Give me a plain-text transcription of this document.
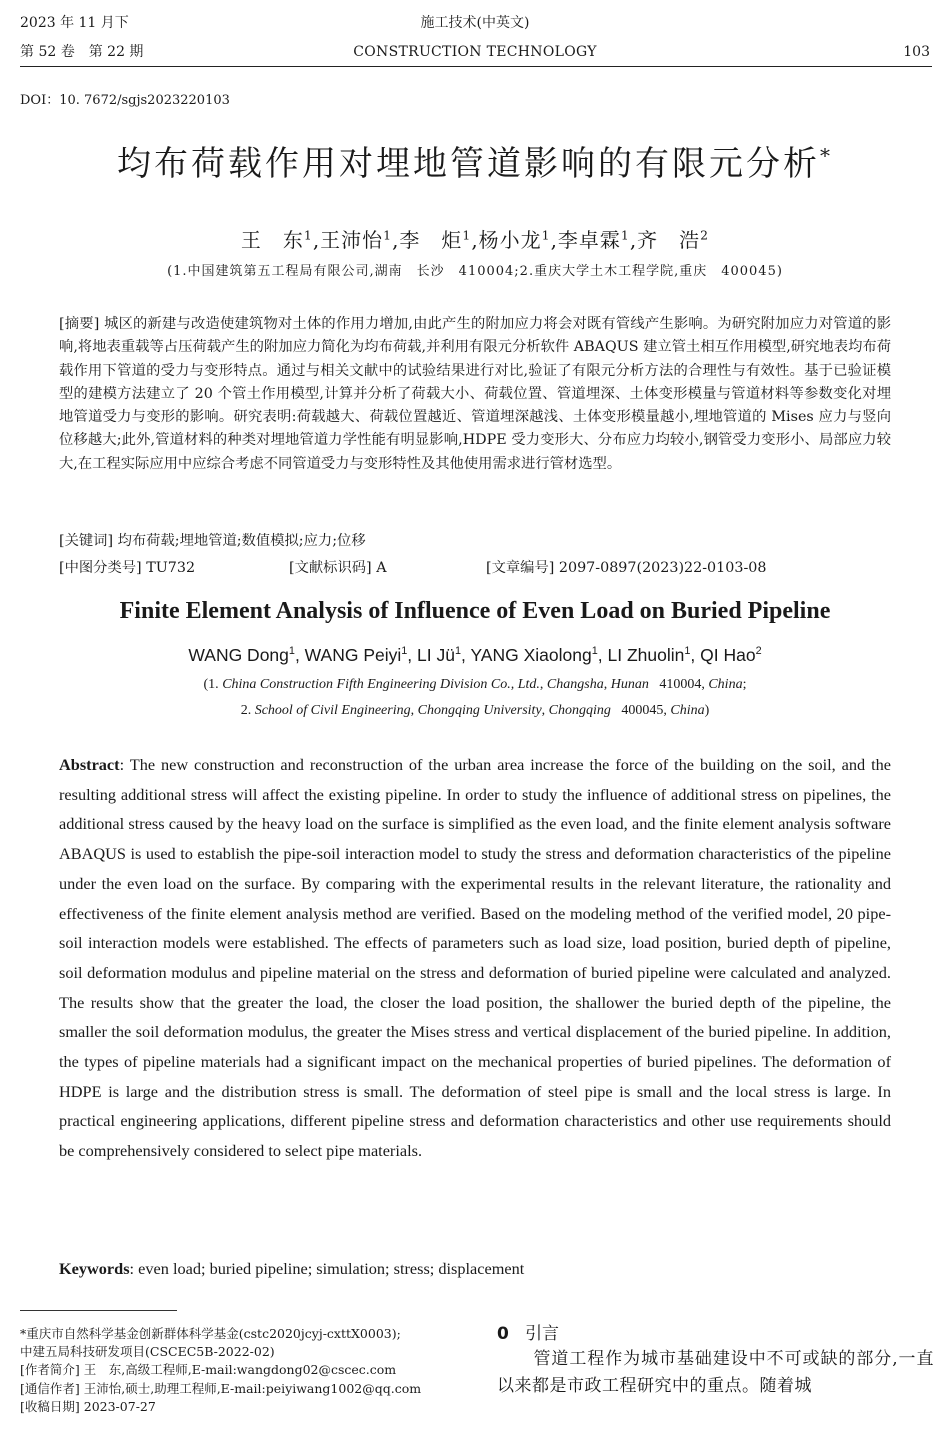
2023 年 11 月下
第 52 卷　第 22 期
施工技术(中英文)
CONSTRUCTION TECHNOLOGY	103
DOI：10. 7672/sgjs2023220103
均布荷载作用对埋地管道影响的有限元分析*
王　东$^1$,王沛怡$^1$,李　炬$^1$,杨小龙$^1$,李卓霖$^1$,齐　浩$^2$
(1.中国建筑第五工程局有限公司,湖南　长沙　410004;2.重庆大学土木工程学院,重庆　400045)
[摘要] 城区的新建与改造使建筑物对土体的作用力增加,由此产生的附加应力将会对既有管线产生影响。为研究附加应力对管道的影响,将地表重载等占压荷载产生的附加应力简化为均布荷载,并利用有限元分析软件 ABAQUS 建立管土相互作用模型,研究地表均布荷载作用下管道的受力与变形特点。通过与相关文献中的试验结果进行对比,验证了有限元分析方法的合理性与有效性。基于已验证模型的建模方法建立了 20 个管土作用模型,计算并分析了荷载大小、荷载位置、管道埋深、土体变形模量与管道材料等参数变化对埋地管道受力与变形的影响。研究表明:荷载越大、荷载位置越近、管道埋深越浅、土体变形模量越小,埋地管道的 Mises 应力与竖向位移越大;此外,管道材料的种类对埋地管道力学性能有明显影响,HDPE 受力变形大、分布应力均较小,钢管受力变形小、局部应力较大,在工程实际应用中应综合考虑不同管道受力与变形特性及其他使用需求进行管材选型。
[关键词] 均布荷载;埋地管道;数值模拟;应力;位移
[中图分类号] TU732	[文献标识码] A	[文章编号] 2097-0897(2023)22-0103-08
Finite Element Analysis of Influence of Even Load on Buried Pipeline
WANG Dong$^1$, WANG Peiyi$^1$, LI $Jü^1$, YANG Xiaolong$^1$, LI Zhuolin$^1$, QI Hao$^2$
(1. China Construction Fifth Engineering Division Co., Ltd., Changsha, Hunan 410004, China;
2. School of Civil Engineering, Chongqing University, Chongqing 400045, China)
Abstract: The new construction and reconstruction of the urban area increase the force of the building on the soil, and the resulting additional stress will affect the existing pipeline. In order to study the influence of additional stress on pipelines, the additional stress caused by the heavy load on the surface is simplified as the even load, and the finite element analysis software ABAQUS is used to establish the pipe-soil interaction model to study the stress and deformation characteristics of the pipeline under the even load on the surface. By comparing with the experimental results in the relevant literature, the rationality and effectiveness of the finite element analysis method are verified. Based on the modeling method of the verified model, 20 pipe-soil interaction models were established. The effects of parameters such as load size, load position, buried depth of pipeline, soil deformation modulus and pipeline material on the stress and deformation of buried pipeline were calculated and analyzed. The results show that the greater the load, the closer the load position, the shallower the buried depth of the pipeline, the smaller the soil deformation modulus, the greater the Mises stress and vertical displacement of the buried pipeline. In addition, the types of pipeline materials had a significant impact on the mechanical properties of buried pipelines. The deformation of HDPE is large and the distribution stress is small. The deformation of steel pipe is small and the local stress is large. In practical engineering applications, different pipeline stress and deformation characteristics and other use requirements should be comprehensively considered to select pipe materials.
Keywords: even load; buried pipeline; simulation; stress; displacement
*重庆市自然科学基金创新群体科学基金(cstc2020jcyj-cxttX0003);
中建五局科技研发项目(CSCEC5B-2022-02)
[作者简介] 王　东,高级工程师,E-mail:wangdong02@cscec.com
[通信作者] 王沛怡,硕士,助理工程师,E-mail:peiyiwang1002@qq.com
[收稿日期] 2023-07-27
0 引言
管道工程作为城市基础建设中不可或缺的部分,一直以来都是市政工程研究中的重点。随着城
